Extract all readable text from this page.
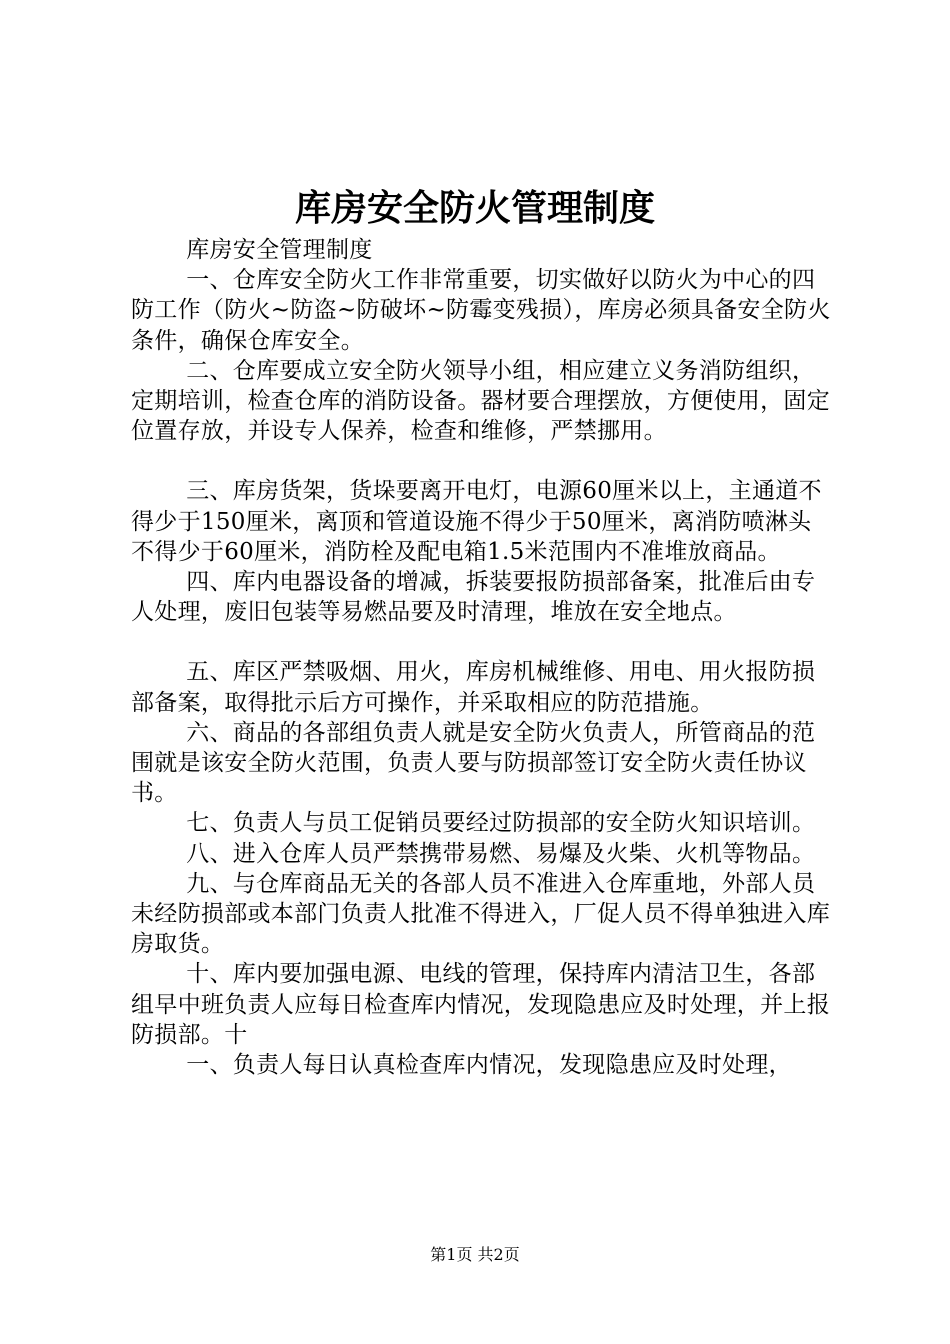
库房安全防火管理制度

库房安全管理制度

一、仓库安全防火工作非常重要，切实做好以防火为中心的四防工作（防火~防盗~防破坏~防霉变残损），库房必须具备安全防火条件，确保仓库安全。

二、仓库要成立安全防火领导小组，相应建立义务消防组织，定期培训，检查仓库的消防设备。器材要合理摆放，方便使用，固定位置存放，并设专人保养，检查和维修，严禁挪用。

三、库房货架，货垛要离开电灯，电源60厘米以上，主通道不得少于150厘米，离顶和管道设施不得少于50厘米，离消防喷淋头不得少于60厘米，消防栓及配电箱1.5米范围内不准堆放商品。

四、库内电器设备的增减，拆装要报防损部备案，批准后由专人处理，废旧包装等易燃品要及时清理，堆放在安全地点。

五、库区严禁吸烟、用火，库房机械维修、用电、用火报防损部备案，取得批示后方可操作，并采取相应的防范措施。

六、商品的各部组负责人就是安全防火负责人，所管商品的范围就是该安全防火范围，负责人要与防损部签订安全防火责任协议书。

七、负责人与员工促销员要经过防损部的安全防火知识培训。

八、进入仓库人员严禁携带易燃、易爆及火柴、火机等物品。

九、与仓库商品无关的各部人员不准进入仓库重地，外部人员未经防损部或本部门负责人批准不得进入，厂促人员不得单独进入库房取货。

十、库内要加强电源、电线的管理，保持库内清洁卫生，各部组早中班负责人应每日检查库内情况，发现隐患应及时处理，并上报防损部。十

一、负责人每日认真检查库内情况，发现隐患应及时处理，

第1页 共2页
